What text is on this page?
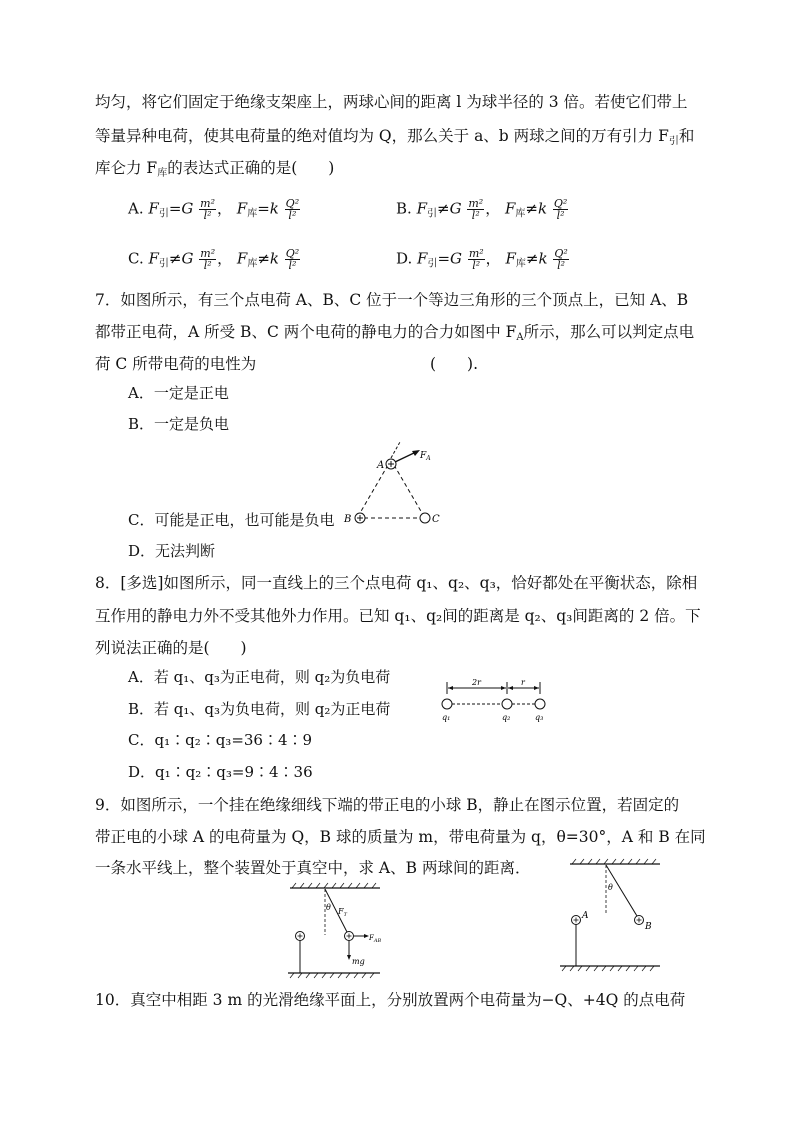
均匀，将它们固定于绝缘支架座上，两球心间的距离 l 为球半径的 3 倍。若使它们带上
等量异种电荷，使其电荷量的绝对值均为 Q，那么关于 a、b 两球之间的万有引力 $F_引$和
库仑力 $F_库$的表达式正确的是(　　)
A. $F_引=G \frac{\text{m²}}{\text{l²}}$ ， $F_库=k \frac{\text{Q²}}{\text{l²}}$	B. $F_引\ne G \frac{\text{m²}}{\text{l²}}$ ， $F_库\ne k \frac{\text{Q²}}{\text{l²}}$
C. $F_引\ne G \frac{\text{m²}}{\text{l²}}$ ， $F_库\ne k \frac{\text{Q²}}{\text{l²}}$	D. $F_引=G \frac{\text{m²}}{\text{l²}}$ ， $F_库\ne k \frac{\text{Q²}}{\text{l²}}$
7．如图所示，有三个点电荷 A、B、C 位于一个等边三角形的三个顶点上，已知 A、B
都带正电荷，A 所受 B、C 两个电荷的静电力的合力如图中 $F_A$所示，那么可以判定点电
荷 C 所带电荷的电性为	(　　).
A．一定是正电
B．一定是负电
C．可能是正电，也可能是负电
D．无法判断
A
B	C
$F_A$
8．[多选]如图所示，同一直线上的三个点电荷 q₁、q₂、q₃，恰好都处在平衡状态，除相
互作用的静电力外不受其他外力作用。已知 q₁、q₂间的距离是 q₂、q₃间距离的 2 倍。下
列说法正确的是(　　)
A．若 q₁、q₃为正电荷，则 q₂为负电荷
B．若 q₁、q₃为负电荷，则 q₂为正电荷
C．q₁∶q₂∶q₃=36∶4∶9
D．q₁∶q₂∶q₃=9∶4∶36
2r	r
q₁	q₂	q₃
9．如图所示，一个挂在绝缘细线下端的带正电的小球 B，静止在图示位置，若固定的
带正电的小球 A 的电荷量为 Q，B 球的质量为 m，带电荷量为 q，θ=30°，A 和 B 在同
一条水平线上，整个装置处于真空中，求 A、B 两球间的距离．
θ $F_T$
$F_{AB}$
mg
θ
B
A
10．真空中相距 3 m 的光滑绝缘平面上，分别放置两个电荷量为−Q、+4Q 的点电荷
